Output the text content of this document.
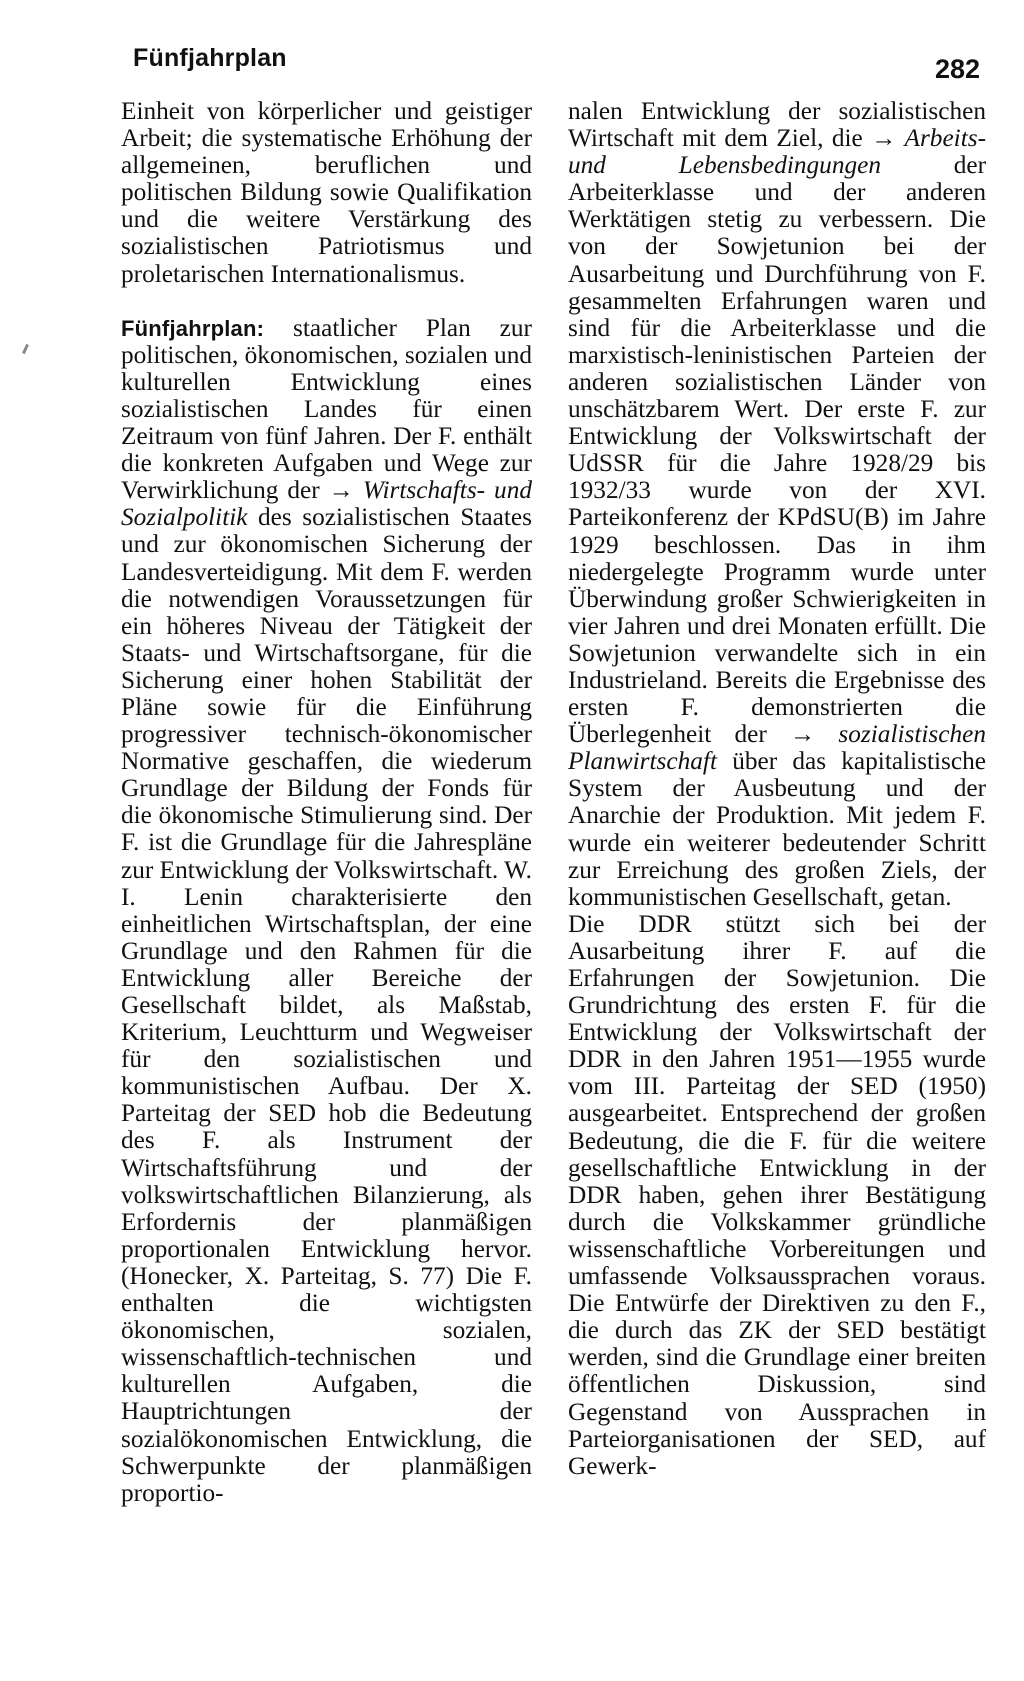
Fünfjahrplan	282

Einheit von körperlicher und geistiger Arbeit; die systematische Erhöhung der allgemeinen, beruflichen und politischen Bildung sowie Qualifikation und die weitere Verstärkung des sozialistischen Patriotismus und proletarischen Internationalismus.

Fünfjahrplan: staatlicher Plan zur politischen, ökonomischen, sozialen und kulturellen Entwicklung eines sozialistischen Landes für einen Zeitraum von fünf Jahren. Der F. enthält die konkreten Aufgaben und Wege zur Verwirklichung der → Wirtschafts- und Sozialpolitik des sozialistischen Staates und zur ökonomischen Sicherung der Landesverteidigung. Mit dem F. werden die notwendigen Voraussetzungen für ein höheres Niveau der Tätigkeit der Staats- und Wirtschaftsorgane, für die Sicherung einer hohen Stabilität der Pläne sowie für die Einführung progressiver technisch-ökonomischer Normative geschaffen, die wiederum Grundlage der Bildung der Fonds für die ökonomische Stimulierung sind. Der F. ist die Grundlage für die Jahrespläne zur Entwicklung der Volkswirtschaft. W. I. Lenin charakterisierte den einheitlichen Wirtschaftsplan, der eine Grundlage und den Rahmen für die Entwicklung aller Bereiche der Gesellschaft bildet, als Maßstab, Kriterium, Leuchtturm und Wegweiser für den sozialistischen und kommunistischen Aufbau. Der X. Parteitag der SED hob die Bedeutung des F. als Instrument der Wirtschaftsführung und der volkswirtschaftlichen Bilanzierung, als Erfordernis der planmäßigen proportionalen Entwicklung hervor. (Honecker, X. Parteitag, S. 77) Die F. enthalten die wichtigsten ökonomischen, sozialen, wissenschaftlich-technischen und kulturellen Aufgaben, die Hauptrichtungen der sozialökonomischen Entwicklung, die Schwerpunkte der planmäßigen proportio-

nalen Entwicklung der sozialistischen Wirtschaft mit dem Ziel, die → Arbeits- und Lebensbedingungen der Arbeiterklasse und der anderen Werktätigen stetig zu verbessern. Die von der Sowjetunion bei der Ausarbeitung und Durchführung von F. gesammelten Erfahrungen waren und sind für die Arbeiterklasse und die marxistisch-leninistischen Parteien der anderen sozialistischen Länder von unschätzbarem Wert. Der erste F. zur Entwicklung der Volkswirtschaft der UdSSR für die Jahre 1928/29 bis 1932/33 wurde von der XVI. Parteikonferenz der KPdSU(B) im Jahre 1929 beschlossen. Das in ihm niedergelegte Programm wurde unter Überwindung großer Schwierigkeiten in vier Jahren und drei Monaten erfüllt. Die Sowjetunion verwandelte sich in ein Industrieland. Bereits die Ergebnisse des ersten F. demonstrierten die Überlegenheit der → sozialistischen Planwirtschaft über das kapitalistische System der Ausbeutung und der Anarchie der Produktion. Mit jedem F. wurde ein weiterer bedeutender Schritt zur Erreichung des großen Ziels, der kommunistischen Gesellschaft, getan.

Die DDR stützt sich bei der Ausarbeitung ihrer F. auf die Erfahrungen der Sowjetunion. Die Grundrichtung des ersten F. für die Entwicklung der Volkswirtschaft der DDR in den Jahren 1951—1955 wurde vom III. Parteitag der SED (1950) ausgearbeitet. Entsprechend der großen Bedeutung, die die F. für die weitere gesellschaftliche Entwicklung in der DDR haben, gehen ihrer Bestätigung durch die Volkskammer gründliche wissenschaftliche Vorbereitungen und umfassende Volksaussprachen voraus. Die Entwürfe der Direktiven zu den F., die durch das ZK der SED bestätigt werden, sind die Grundlage einer breiten öffentlichen Diskussion, sind Gegenstand von Aussprachen in Parteiorganisationen der SED, auf Gewerk-
